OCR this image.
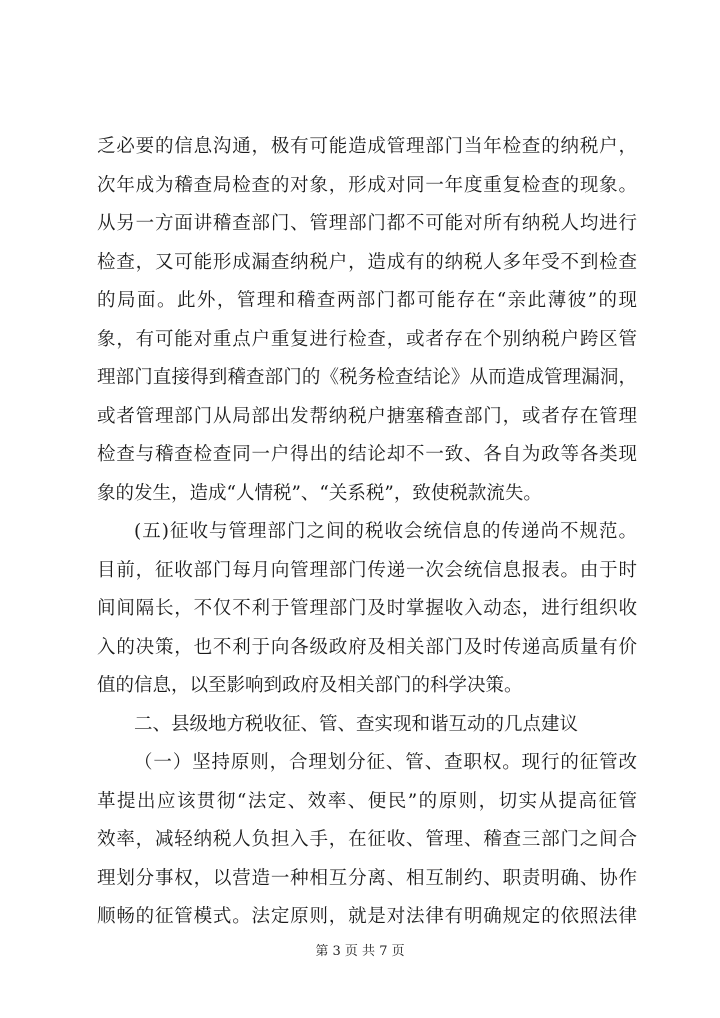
乏必要的信息沟通，极有可能造成管理部门当年检查的纳税户，
次年成为稽查局检查的对象，形成对同一年度重复检查的现象。
从另一方面讲稽查部门、管理部门都不可能对所有纳税人均进行
检查，又可能形成漏查纳税户，造成有的纳税人多年受不到检查
的局面。此外，管理和稽查两部门都可能存在“亲此薄彼”的现
象，有可能对重点户重复进行检查，或者存在个别纳税户跨区管
理部门直接得到稽查部门的《税务检查结论》从而造成管理漏洞，
或者管理部门从局部出发帮纳税户搪塞稽查部门，或者存在管理
检查与稽查检查同一户得出的结论却不一致、各自为政等各类现
象的发生，造成“人情税”、“关系税”，致使税款流失。
(五)征收与管理部门之间的税收会统信息的传递尚不规范。
目前，征收部门每月向管理部门传递一次会统信息报表。由于时
间间隔长，不仅不利于管理部门及时掌握收入动态，进行组织收
入的决策，也不利于向各级政府及相关部门及时传递高质量有价
值的信息，以至影响到政府及相关部门的科学决策。
二、县级地方税收征、管、查实现和谐互动的几点建议
（一）坚持原则，合理划分征、管、查职权。现行的征管改
革提出应该贯彻“法定、效率、便民”的原则，切实从提高征管
效率，减轻纳税人负担入手，在征收、管理、稽查三部门之间合
理划分事权，以营造一种相互分离、相互制约、职责明确、协作
顺畅的征管模式。法定原则，就是对法律有明确规定的依照法律
第 3 页 共 7 页
